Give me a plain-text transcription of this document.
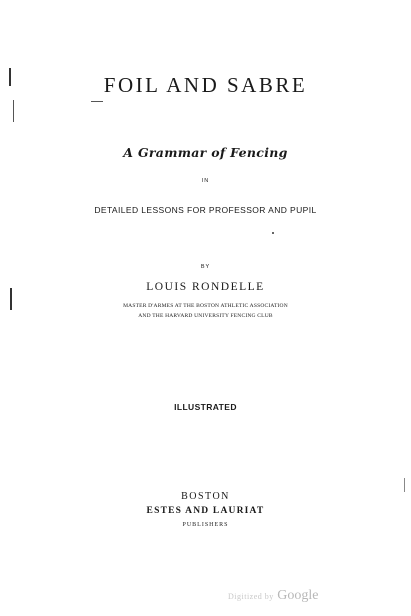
FOIL AND SABRE
A Grammar of Fencing
IN
DETAILED LESSONS FOR PROFESSOR AND PUPIL
BY
LOUIS RONDELLE
MASTER D'ARMES AT THE BOSTON ATHLETIC ASSOCIATION
AND THE HARVARD UNIVERSITY FENCING CLUB
ILLUSTRATED
BOSTON
ESTES AND LAURIAT
PUBLISHERS
Digitized by Google
